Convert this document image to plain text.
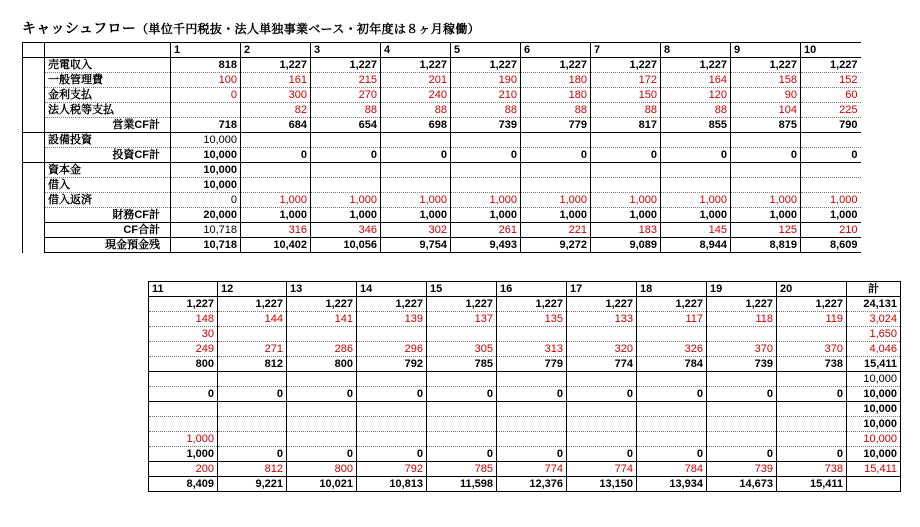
キャッシュフロー（単位千円税抜・法人単独事業ベース・初年度は８ヶ月稼働）
		1	2	3	4	5	6	7	8	9	10
	売電収入	818	1,227	1,227	1,227	1,227	1,227	1,227	1,227	1,227	1,227
	一般管理費	100	161	215	201	190	180	172	164	158	152
	金利支払	0	300	270	240	210	180	150	120	90	60
	法人税等支払		82	88	88	88	88	88	88	104	225
	営業CF計	718	684	654	698	739	779	817	855	875	790
	設備投資	10,000									
	投資CF計	10,000	0	0	0	0	0	0	0	0	0
	資本金	10,000									
	借入	10,000									
	借入返済	0	1,000	1,000	1,000	1,000	1,000	1,000	1,000	1,000	1,000
	財務CF計	20,000	1,000	1,000	1,000	1,000	1,000	1,000	1,000	1,000	1,000
	CF合計	10,718	316	346	302	261	221	183	145	125	210
	現金預金残	10,718	10,402	10,056	9,754	9,493	9,272	9,089	8,944	8,819	8,609
11	12	13	14	15	16	17	18	19	20	計
1,227	1,227	1,227	1,227	1,227	1,227	1,227	1,227	1,227	1,227	24,131
148	144	141	139	137	135	133	117	118	119	3,024
30										1,650
249	271	286	296	305	313	320	326	370	370	4,046
800	812	800	792	785	779	774	784	739	738	15,411
										10,000
0	0	0	0	0	0	0	0	0	0	10,000
										10,000
										10,000
1,000										10,000
1,000	0	0	0	0	0	0	0	0	0	10,000
200	812	800	792	785	774	774	784	739	738	15,411
8,409	9,221	10,021	10,813	11,598	12,376	13,150	13,934	14,673	15,411	
